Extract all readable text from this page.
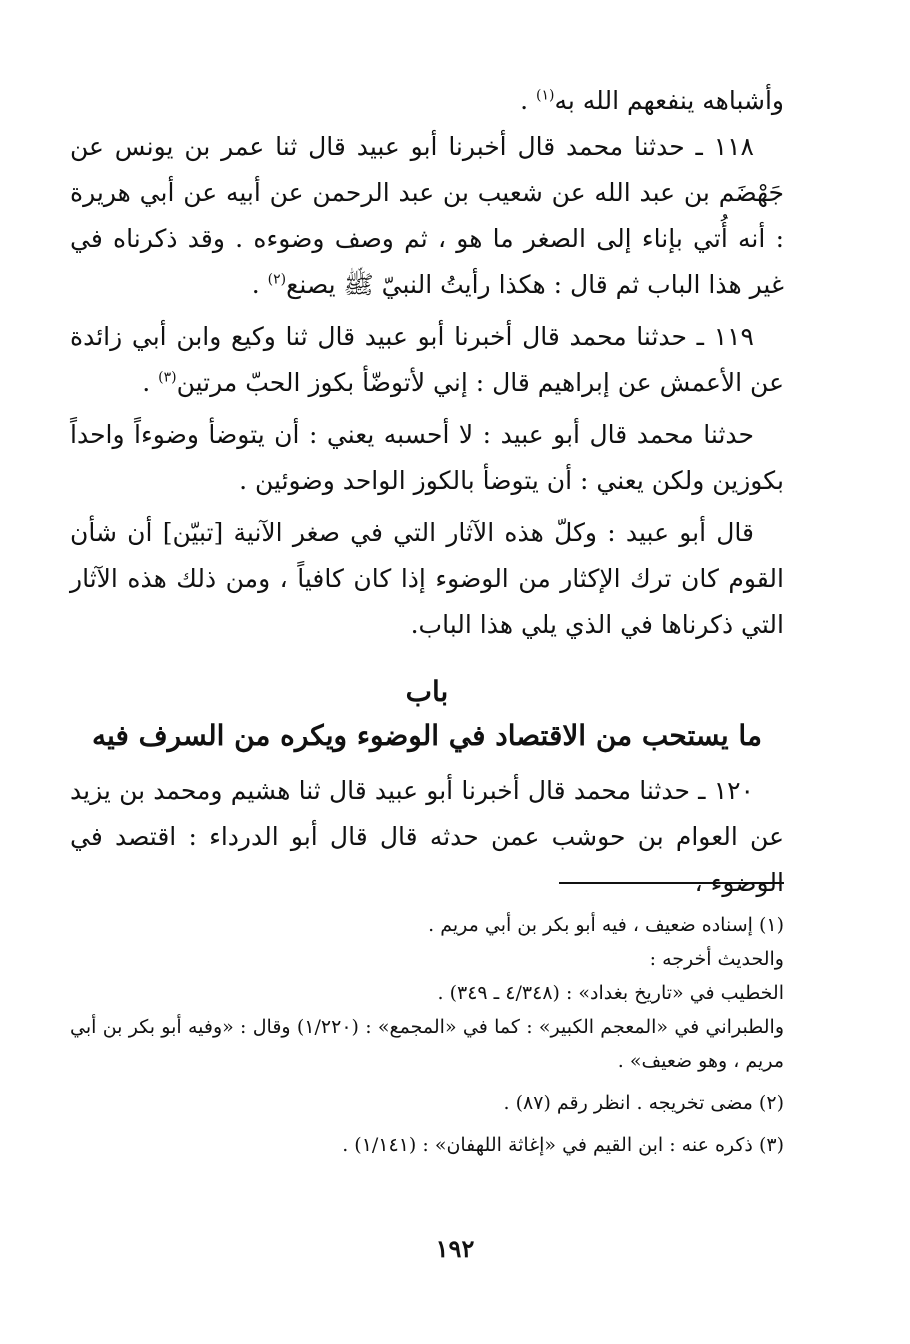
وأشباهه ينفعهم الله به$^{(١)}$ .

١١٨ ـ حدثنا محمد قال أخبرنا أبو عبيد قال ثنا عمر بن يونس عن جَهْضَم بن عبد الله عن شعيب بن عبد الرحمن عن أبيه عن أبي هريرة : أنه أُتي بإناء إلى الصغر ما هو ، ثم وصف وضوءه . وقد ذكرناه في غير هذا الباب ثم قال : هكذا رأيتُ النبيّ ﷺ يصنع$^{(٢)}$ .

١١٩ ـ حدثنا محمد قال أخبرنا أبو عبيد قال ثنا وكيع وابن أبي زائدة عن الأعمش عن إبراهيم قال : إني لأتوضّأ بكوز الحبّ مرتين$^{(٣)}$ .

حدثنا محمد قال أبو عبيد : لا أحسبه يعني : أن يتوضأ وضوءاً واحداً بكوزين ولكن يعني : أن يتوضأ بالكوز الواحد وضوئين .

قال أبو عبيد : وكلّ هذه الآثار التي في صغر الآنية [تبيّن] أن شأن القوم كان ترك الإكثار من الوضوء إذا كان كافياً ، ومن ذلك هذه الآثار التي ذكرناها في الذي يلي هذا الباب.

باب
ما يستحب من الاقتصاد في الوضوء ويكره من السرف فيه

١٢٠ ـ حدثنا محمد قال أخبرنا أبو عبيد قال ثنا هشيم ومحمد بن يزيد عن العوام بن حوشب عمن حدثه قال قال أبو الدرداء : اقتصد في الوضوء ،

(١) إسناده ضعيف ، فيه أبو بكر بن أبي مريم .

والحديث أخرجه :

الخطيب في «تاريخ بغداد» : (٤/٣٤٨ ـ ٣٤٩) .

والطبراني في «المعجم الكبير» : كما في «المجمع» : (١/٢٢٠) وقال : «وفيه أبو بكر بن أبي مريم ، وهو ضعيف» .

(٢) مضى تخريجه . انظر رقم (٨٧) .

(٣) ذكره عنه : ابن القيم في «إغاثة اللهفان» : (١/١٤١) .

١٩٢
